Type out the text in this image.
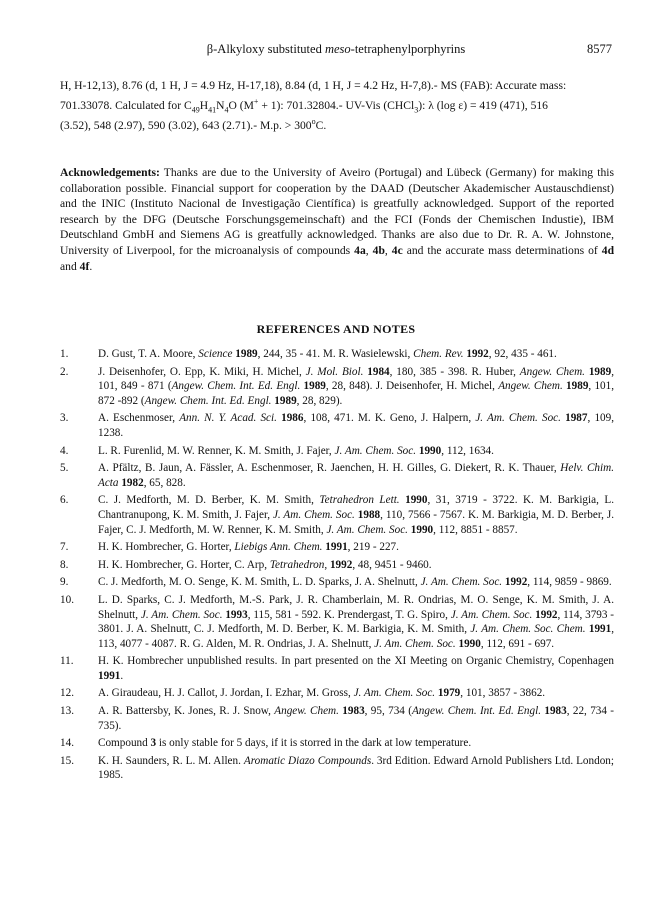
β-Alkyloxy substituted meso-tetraphenylporphyrins	8577
H, H-12,13), 8.76 (d, 1 H, J = 4.9 Hz, H-17,18), 8.84 (d, 1 H, J = 4.2 Hz, H-7,8).- MS (FAB): Accurate mass:
701.33078. Calculated for $C_{49}H_{41}N_4O$ (M+ + 1): 701.32804.- UV-Vis (CHCl$_3$): λ (log ε) = 419 (471), 516
(3.52), 548 (2.97), 590 (3.02), 643 (2.71).- M.p. > $300^oC$.
Acknowledgements: Thanks are due to the University of Aveiro (Portugal) and Lübeck (Germany) for making this collaboration possible. Financial support for cooperation by the DAAD (Deutscher Akademischer Austauschdienst) and the INIC (Instituto Nacional de Investigação Científica) is greatfully acknowledged. Support of the reported research by the DFG (Deutsche Forschungsgemeinschaft) and the FCI (Fonds der Chemischen Industie), IBM Deutschland GmbH and Siemens AG is greatfully acknowledged. Thanks are also due to Dr. R. A. W. Johnstone, University of Liverpool, for the microanalysis of compounds 4a, 4b, 4c and the accurate mass determinations of 4d and 4f.
REFERENCES AND NOTES
1.	D. Gust, T. A. Moore, Science 1989, 244, 35 - 41. M. R. Wasielewski, Chem. Rev. 1992, 92, 435 - 461.
2.	J. Deisenhofer, O. Epp, K. Miki, H. Michel, J. Mol. Biol. 1984, 180, 385 - 398. R. Huber, Angew. Chem. 1989, 101, 849 - 871 (Angew. Chem. Int. Ed. Engl. 1989, 28, 848). J. Deisenhofer, H. Michel, Angew. Chem. 1989, 101, 872 -892 (Angew. Chem. Int. Ed. Engl. 1989, 28, 829).
3.	A. Eschenmoser, Ann. N. Y. Acad. Sci. 1986, 108, 471. M. K. Geno, J. Halpern, J. Am. Chem. Soc. 1987, 109, 1238.
4.	L. R. Furenlid, M. W. Renner, K. M. Smith, J. Fajer, J. Am. Chem. Soc. 1990, 112, 1634.
5.	A. Pfältz, B. Jaun, A. Fässler, A. Eschenmoser, R. Jaenchen, H. H. Gilles, G. Diekert, R. K. Thauer, Helv. Chim. Acta 1982, 65, 828.
6.	C. J. Medforth, M. D. Berber, K. M. Smith, Tetrahedron Lett. 1990, 31, 3719 - 3722. K. M. Barkigia, L. Chantranupong, K. M. Smith, J. Fajer, J. Am. Chem. Soc. 1988, 110, 7566 - 7567. K. M. Barkigia, M. D. Berber, J. Fajer, C. J. Medforth, M. W. Renner, K. M. Smith, J. Am. Chem. Soc. 1990, 112, 8851 - 8857.
7.	H. K. Hombrecher, G. Horter, Liebigs Ann. Chem. 1991, 219 - 227.
8.	H. K. Hombrecher, G. Horter, C. Arp, Tetrahedron, 1992, 48, 9451 - 9460.
9.	C. J. Medforth, M. O. Senge, K. M. Smith, L. D. Sparks, J. A. Shelnutt, J. Am. Chem. Soc. 1992, 114, 9859 - 9869.
10. L. D. Sparks, C. J. Medforth, M.-S. Park, J. R. Chamberlain, M. R. Ondrias, M. O. Senge, K. M. Smith, J. A. Shelnutt, J. Am. Chem. Soc. 1993, 115, 581 - 592. K. Prendergast, T. G. Spiro, J. Am. Chem. Soc. 1992, 114, 3793 - 3801. J. A. Shelnutt, C. J. Medforth, M. D. Berber, K. M. Barkigia, K. M. Smith, J. Am. Chem. Soc. Chem. 1991, 113, 4077 - 4087. R. G. Alden, M. R. Ondrias, J. A. Shelnutt, J. Am. Chem. Soc. 1990, 112, 691 - 697.
11. H. K. Hombrecher unpublished results. In part presented on the XI Meeting on Organic Chemistry, Copenhagen 1991.
12. A. Giraudeau, H. J. Callot, J. Jordan, I. Ezhar, M. Gross, J. Am. Chem. Soc. 1979, 101, 3857 - 3862.
13. A. R. Battersby, K. Jones, R. J. Snow, Angew. Chem. 1983, 95, 734 (Angew. Chem. Int. Ed. Engl. 1983, 22, 734 - 735).
14. Compound 3 is only stable for 5 days, if it is storred in the dark at low temperature.
15. K. H. Saunders, R. L. M. Allen. Aromatic Diazo Compounds. 3rd Edition. Edward Arnold Publishers Ltd. London; 1985.
